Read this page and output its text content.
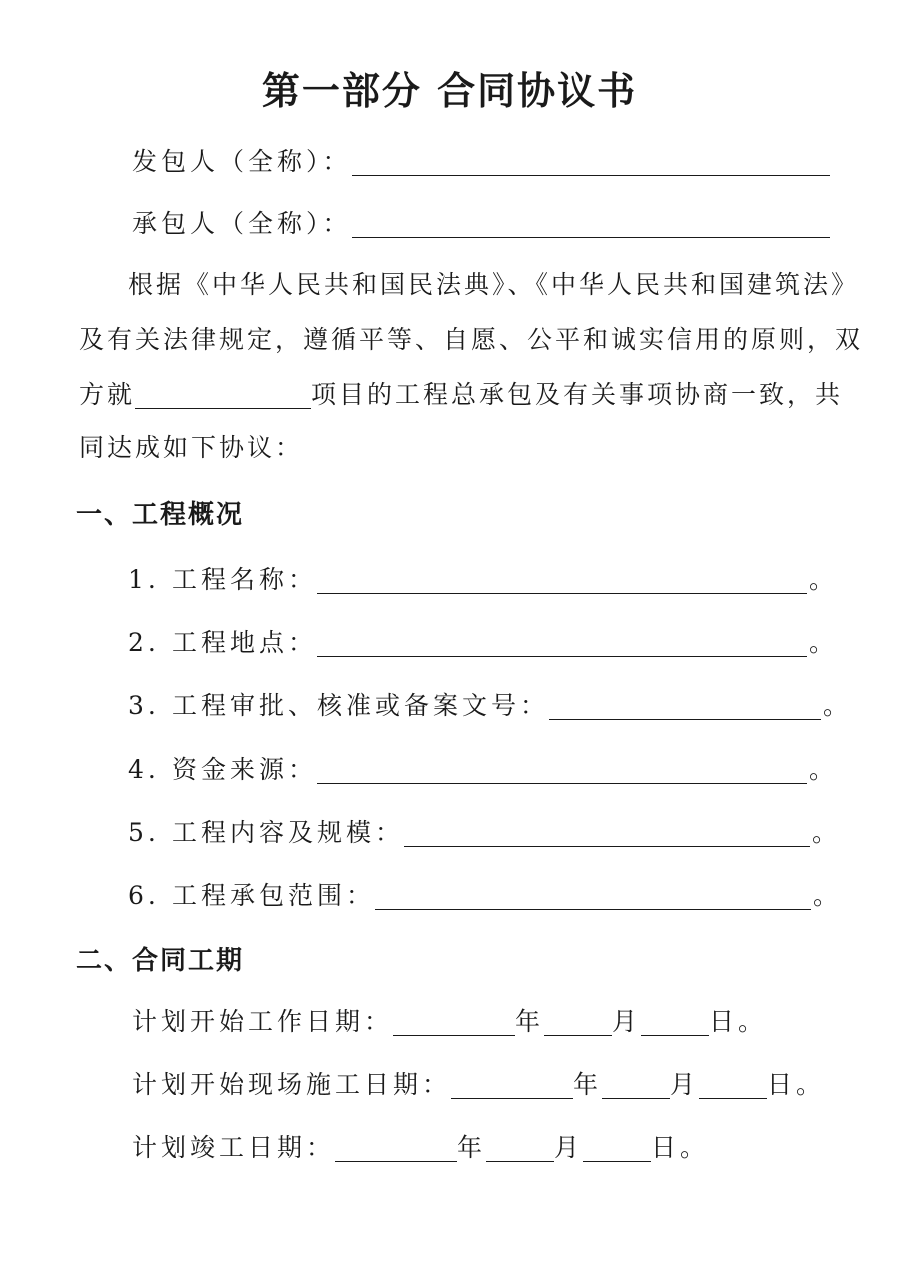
第一部分 合同协议书
发包人（全称）：
承包人（全称）：
根据《中华人民共和国民法典》、《中华人民共和国建筑法》
及有关法律规定，遵循平等、自愿、公平和诚实信用的原则，双
方就	项目的工程总承包及有关事项协商一致，共
同达成如下协议：
一、工程概况
1. 工程名称：	。
2. 工程地点：	。
3. 工程审批、核准或备案文号：	。
4. 资金来源：	。
5. 工程内容及规模：	。
6. 工程承包范围：	。
二、合同工期
计划开始工作日期：	年	月	日。
计划开始现场施工日期：	年	月	日。
计划竣工日期：	年	月	日。
